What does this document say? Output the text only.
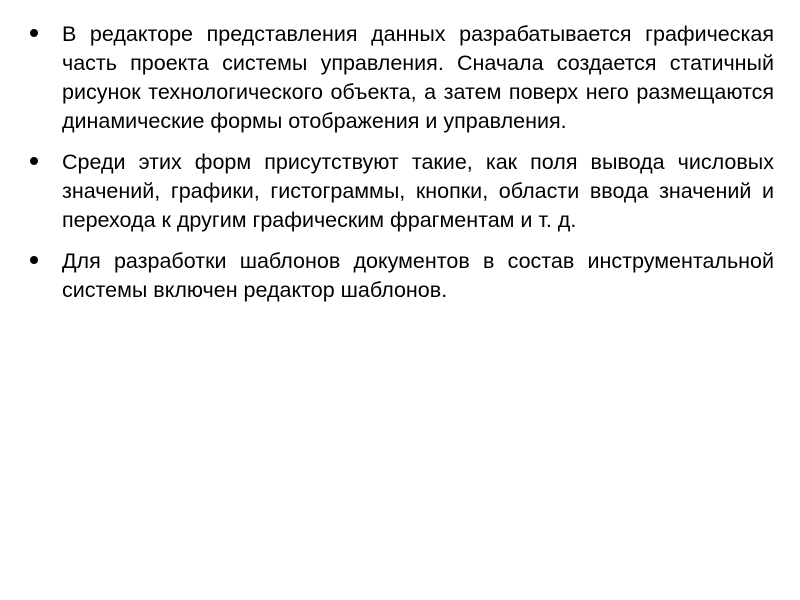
В редакторе представления данных разрабатывается графическая часть проекта системы управления. Сначала создается статичный рисунок технологического объекта, а затем поверх него размещаются динамические формы отображения и управления.
Среди этих форм присутствуют такие, как поля вывода числовых значений, графики, гистограммы, кнопки, области ввода значений и перехода к другим графическим фрагментам и т. д.
Для разработки шаблонов документов в состав инструментальной системы включен редактор шаблонов.
